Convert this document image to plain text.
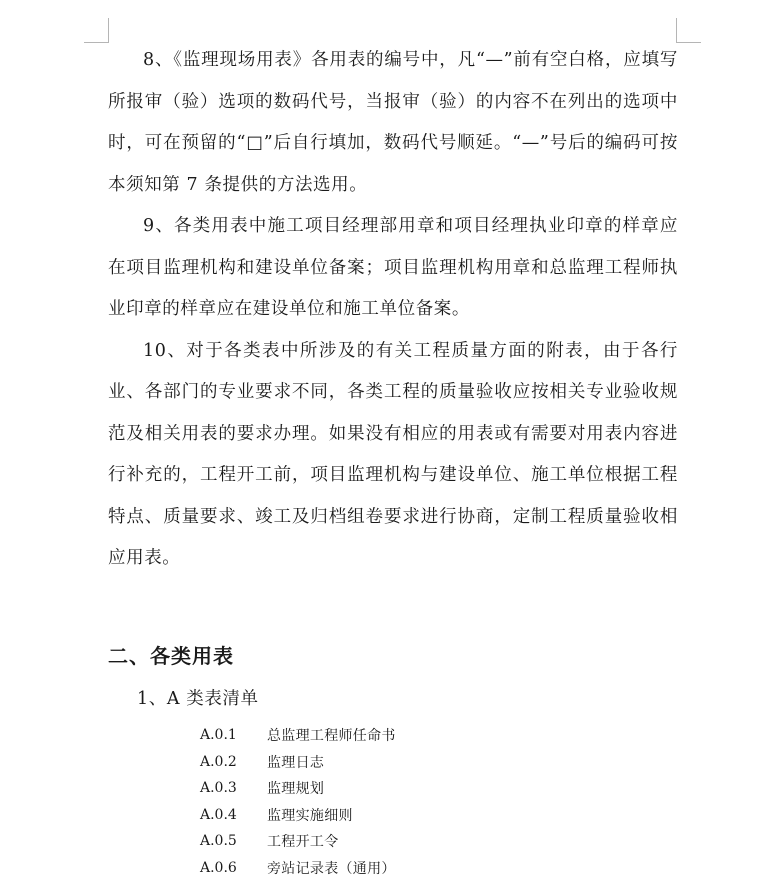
8、《监理现场用表》各用表的编号中，凡“—”前有空白格，应填写所报审（验）选项的数码代号，当报审（验）的内容不在列出的选项中时，可在预留的“□”后自行填加，数码代号顺延。“—”号后的编码可按本须知第 7 条提供的方法选用。

9、各类用表中施工项目经理部用章和项目经理执业印章的样章应在项目监理机构和建设单位备案；项目监理机构用章和总监理工程师执业印章的样章应在建设单位和施工单位备案。

10、对于各类表中所涉及的有关工程质量方面的附表，由于各行业、各部门的专业要求不同，各类工程的质量验收应按相关专业验收规范及相关用表的要求办理。如果没有相应的用表或有需要对用表内容进行补充的，工程开工前，项目监理机构与建设单位、施工单位根据工程特点、质量要求、竣工及归档组卷要求进行协商，定制工程质量验收相应用表。

二、各类用表
1、A 类表清单
A.0.1	总监理工程师任命书
A.0.2	监理日志
A.0.3	监理规划
A.0.4	监理实施细则
A.0.5	工程开工令
A.0.6	旁站记录表（通用）
